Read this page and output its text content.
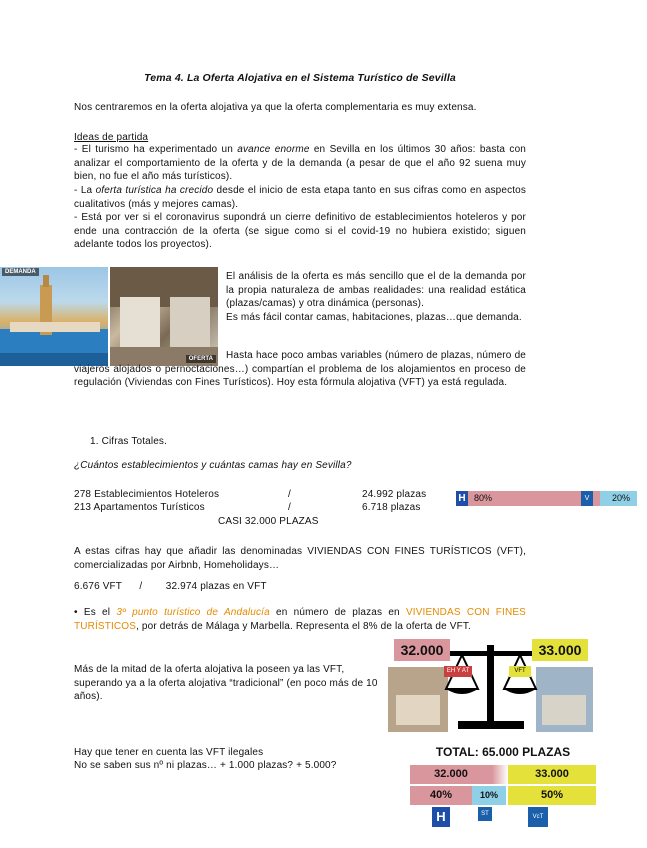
Tema 4. La Oferta Alojativa en el Sistema Turístico de Sevilla
Nos centraremos en la oferta alojativa ya que la oferta complementaria es muy extensa.
Ideas de partida
- El turismo ha experimentado un avance enorme en Sevilla en los últimos 30 años: basta con analizar el comportamiento de la oferta y de la demanda (a pesar de que el año 92 suena muy bien, no fue el año más turísticos).
- La oferta turística ha crecido desde el inicio de esta etapa tanto en sus cifras como en aspectos cualitativos (más y mejores camas).
- Está por ver si el coronavirus supondrá un cierre definitivo de establecimientos hoteleros y por ende una contracción de la oferta (se sigue como si el covid-19 no hubiera existido; siguen adelante todos los proyectos).
DEMANDA
OFERTA
El análisis de la oferta es más sencillo que el de la demanda por la propia naturaleza de ambas realidades: una realidad estática (plazas/camas) y otra dinámica (personas).
Es más fácil contar camas, habitaciones, plazas…que demanda.
Hasta hace poco ambas variables (número de plazas, número de viajeros alojados o pernoctaciones…) compartían el problema de los alojamientos en proceso de regulación (Viviendas con Fines Turísticos). Hoy esta fórmula alojativa (VFT) ya está regulada.
1. Cifras Totales.
¿Cuántos establecimientos y cuántas camas hay en Sevilla?
278 Establecimientos Hoteleros	/	24.992 plazas
213 Apartamentos Turísticos	/	6.718 plazas
CASI 32.000 PLAZAS
H 80%	20%
V
A estas cifras hay que añadir las denominadas VIVIENDAS CON FINES TURÍSTICOS (VFT), comercializadas por Airbnb, Homeholidays…
6.676 VFT      /        32.974 plazas en VFT
• Es el 3º punto turístico de Andalucía en número de plazas en VIVIENDAS CON FINES TURÍSTICOS, por detrás de Málaga y Marbella. Representa el 8% de la oferta de VFT.
Más de la mitad de la oferta alojativa la poseen ya las VFT, superando ya a la oferta alojativa “tradicional” (en poco más de 10 años).
32.000	33.000
EH Y AT	VFT
Hay que tener en cuenta las VFT ilegales
No se saben sus nº ni plazas… + 1.000 plazas? + 5.000?
TOTAL: 65.000 PLAZAS
32.000	33.000
40%	10%	50%
H	ST	VcT
